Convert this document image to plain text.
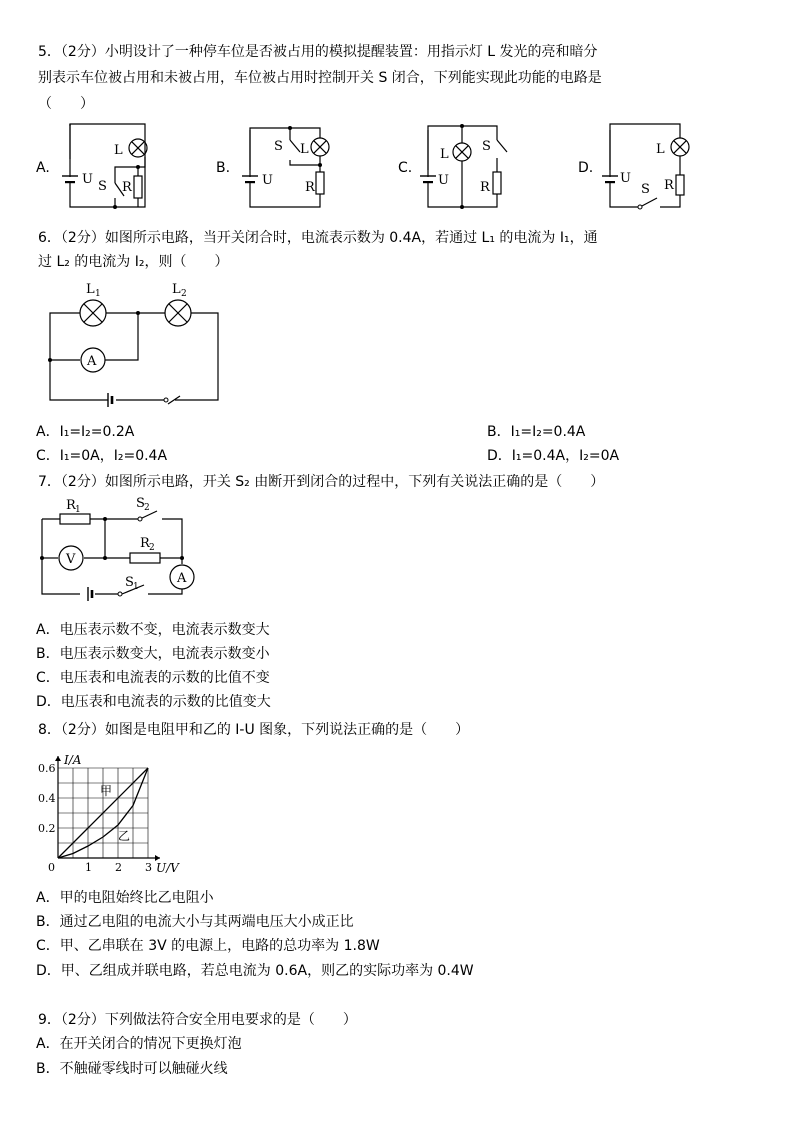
5．（2分）小明设计了一种停车位是否被占用的模拟提醒装置：用指示灯 L 发光的亮和暗分
别表示车位被占用和未被占用，车位被占用时控制开关 S 闭合，下列能实现此功能的电路是
（　　）
A.	B.	C.	D.
L
U S R
S L
U R
L
S
U R
L
U
S R
6．（2分）如图所示电路，当开关闭合时，电流表示数为 0.4A，若通过 L₁ 的电流为 I₁，通
过 L₂ 的电流为 I₂，则（　　）
A
L 1	L 2
A．I₁=I₂=0.2A	B．I₁=I₂=0.4A
C．I₁=0A，I₂=0.4A	D．I₁=0.4A，I₂=0A
7．（2分）如图所示电路，开关 S₂ 由断开到闭合的过程中，下列有关说法正确的是（　　）
R 1	S 2
R 2
V
A
S 1
A．电压表示数不变，电流表示数变大
B．电压表示数变大，电流表示数变小
C．电压表和电流表的示数的比值不变
D．电压表和电流表的示数的比值变大
8．（2分）如图是电阻甲和乙的 I-U 图象，下列说法正确的是（　　）
0	1 2 3
0.2
0.4
0.6
I/A
U/V
甲
乙
A．甲的电阻始终比乙电阻小
B．通过乙电阻的电流大小与其两端电压大小成正比
C．甲、乙串联在 3V 的电源上，电路的总功率为 1.8W
D．甲、乙组成并联电路，若总电流为 0.6A，则乙的实际功率为 0.4W
9．（2分）下列做法符合安全用电要求的是（　　）
A．在开关闭合的情况下更换灯泡
B．不触碰零线时可以触碰火线
